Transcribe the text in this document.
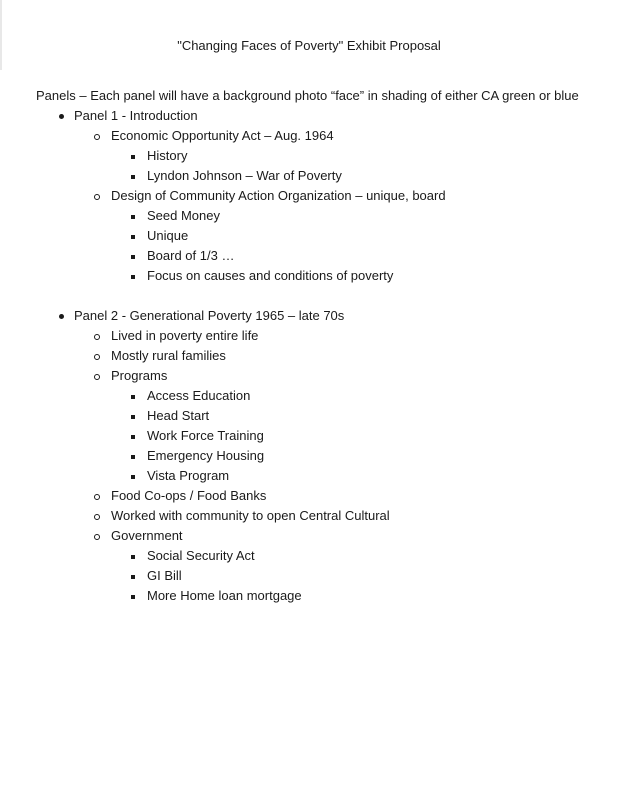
"Changing Faces of Poverty" Exhibit Proposal
Panels – Each panel will have a background photo “face” in shading of either CA green or blue
Panel 1 - Introduction
Economic Opportunity Act – Aug. 1964
History
Lyndon Johnson – War of Poverty
Design of Community Action Organization – unique, board
Seed Money
Unique
Board of 1/3 …
Focus on causes and conditions of poverty
Panel 2 - Generational Poverty 1965 – late 70s
Lived in poverty entire life
Mostly rural families
Programs
Access Education
Head Start
Work Force Training
Emergency Housing
Vista Program
Food Co-ops / Food Banks
Worked with community to open Central Cultural
Government
Social Security Act
GI Bill
More Home loan mortgage
